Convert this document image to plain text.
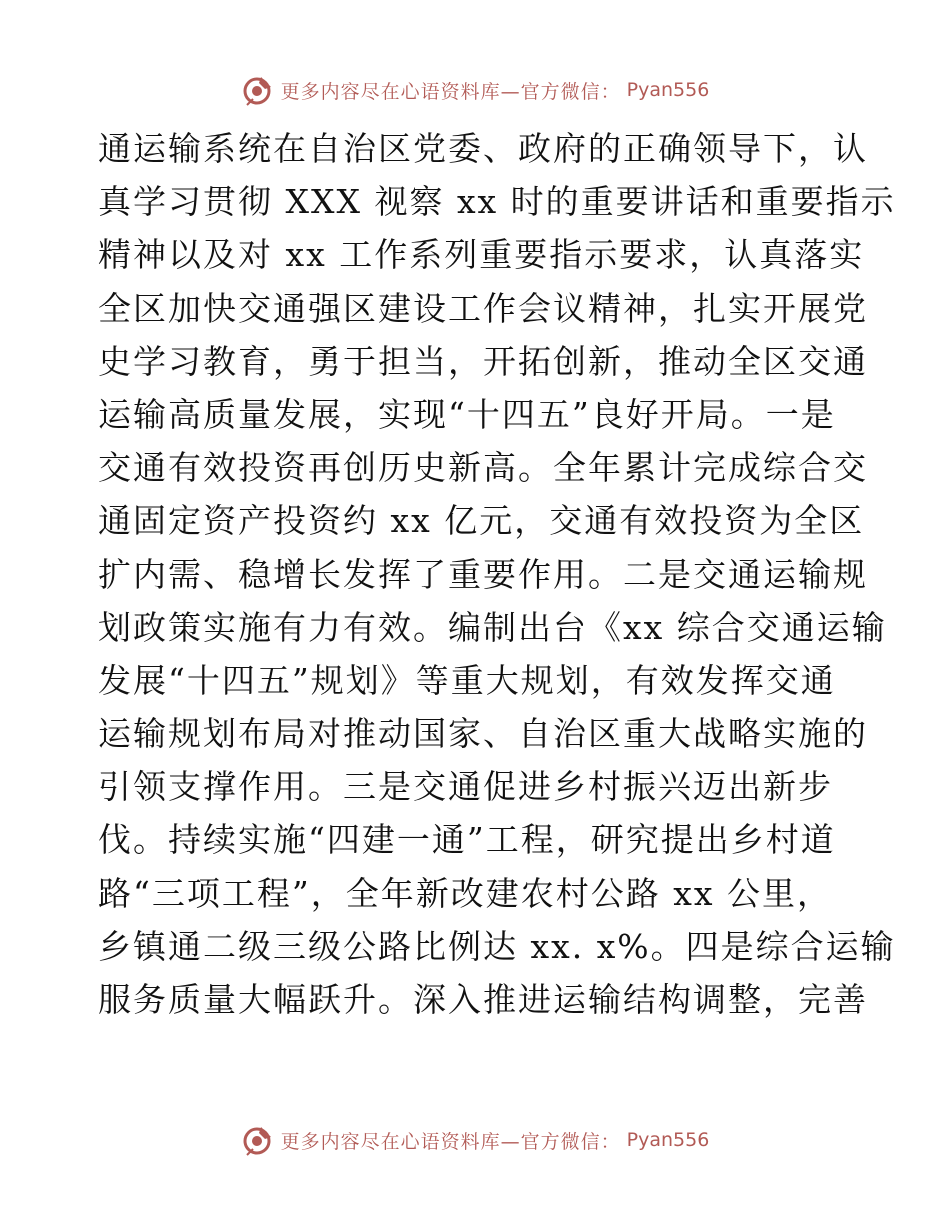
更多内容尽在心语资料库—官方微信： Pyan556
通运输系统在自治区党委、政府的正确领导下，认
真学习贯彻 XXX 视察 xx 时的重要讲话和重要指示
精神以及对 xx 工作系列重要指示要求，认真落实
全区加快交通强区建设工作会议精神，扎实开展党
史学习教育，勇于担当，开拓创新，推动全区交通
运输高质量发展，实现“十四五”良好开局。一是
交通有效投资再创历史新高。全年累计完成综合交
通固定资产投资约 xx 亿元，交通有效投资为全区
扩内需、稳增长发挥了重要作用。二是交通运输规
划政策实施有力有效。编制出台《xx 综合交通运输
发展“十四五”规划》等重大规划，有效发挥交通
运输规划布局对推动国家、自治区重大战略实施的
引领支撑作用。三是交通促进乡村振兴迈出新步
伐。持续实施“四建一通”工程，研究提出乡村道
路“三项工程”，全年新改建农村公路 xx 公里，
乡镇通二级三级公路比例达 xx. x%。四是综合运输
服务质量大幅跃升。深入推进运输结构调整，完善
更多内容尽在心语资料库—官方微信： Pyan556
